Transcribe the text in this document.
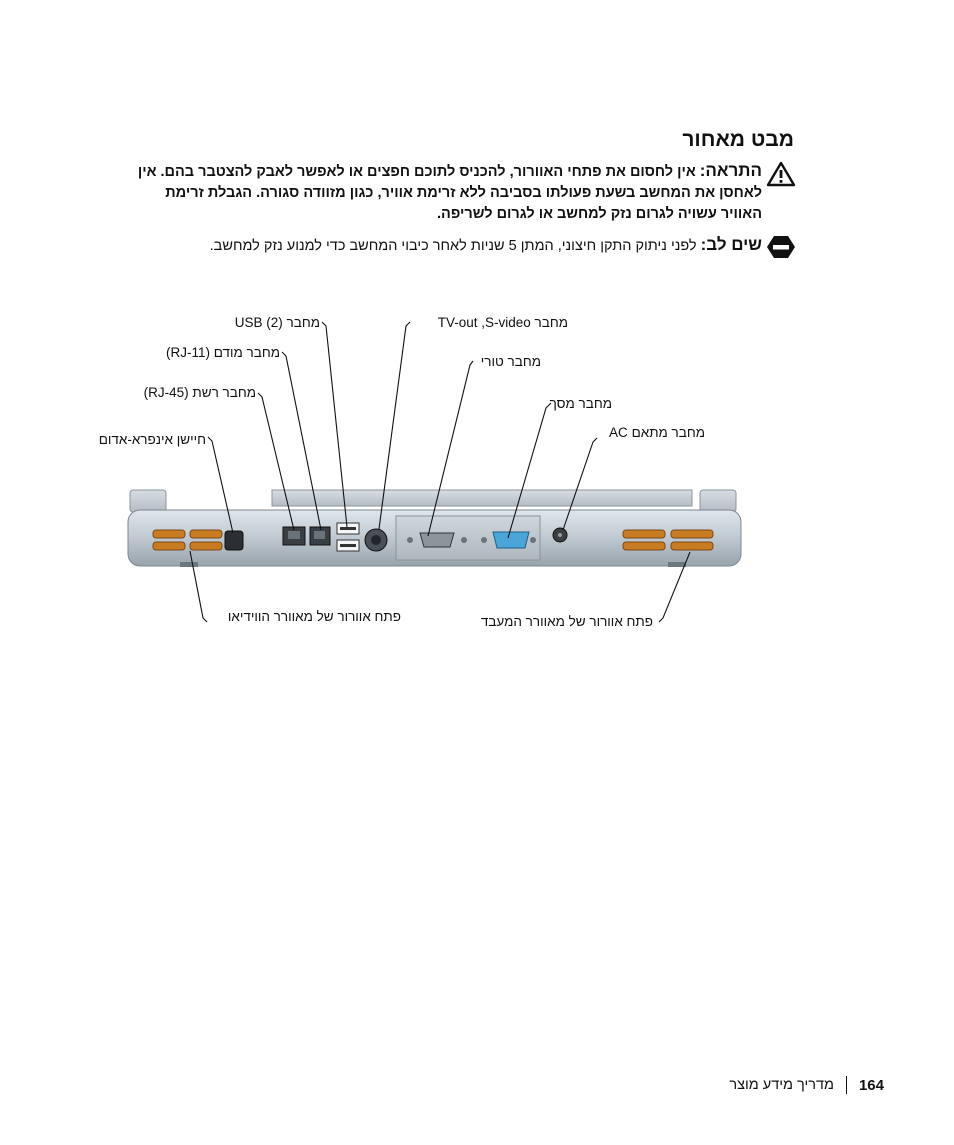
מבט מאחור
התראה: אין לחסום את פתחי האוורור, להכניס לתוכם חפצים או לאפשר לאבק להצטבר בהם. אין לאחסן את המחשב בשעת פעולתו בסביבה ללא זרימת אוויר, כגון מזוודה סגורה. הגבלת זרימת האוויר עשויה לגרום נזק למחשב או לגרום לשריפה.
שים לב: לפני ניתוק התקן חיצוני, המתן 5 שניות לאחר כיבוי המחשב כדי למנוע נזק למחשב.
מחבר USB (2)	מחבר TV-out ,S-video
מחבר מודם (RJ-11)
מחבר טורי
מחבר רשת (RJ-45)
מחבר מסך
חיישן אינפרא-אדום	מחבר מתאם AC
פתח אוורור של מאוורר הווידיאו	פתח אוורור של מאוורר המעבד
164
מדריך מידע מוצר
